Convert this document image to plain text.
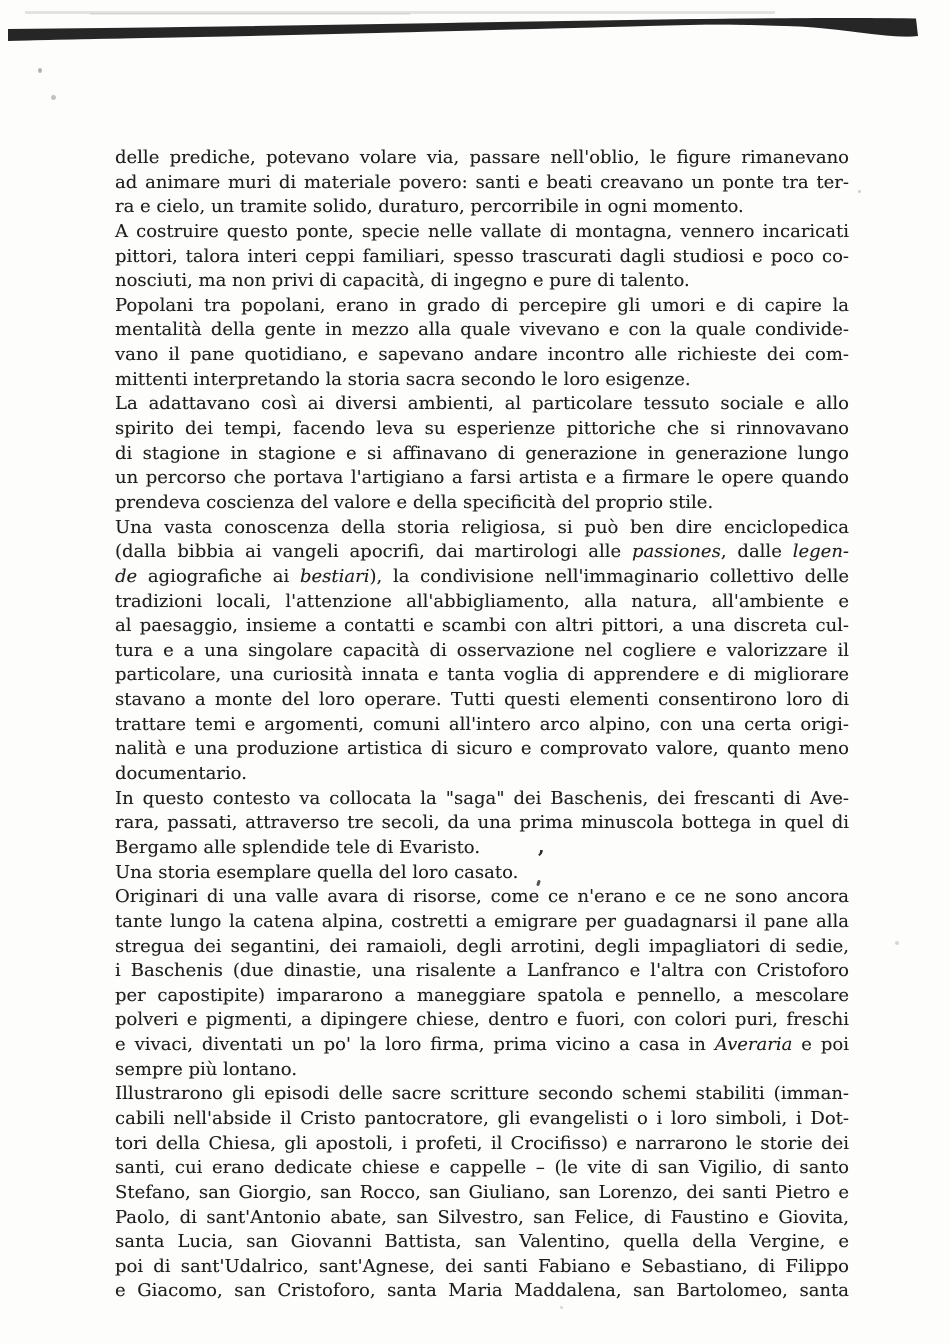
delle prediche, potevano volare via, passare nell'oblio, le figure rimanevano
ad animare muri di materiale povero: santi e beati creavano un ponte tra ter-
ra e cielo, un tramite solido, duraturo, percorribile in ogni momento.
A costruire questo ponte, specie nelle vallate di montagna, vennero incaricati
pittori, talora interi ceppi familiari, spesso trascurati dagli studiosi e poco co-
nosciuti, ma non privi di capacità, di ingegno e pure di talento.
Popolani tra popolani, erano in grado di percepire gli umori e di capire la
mentalità della gente in mezzo alla quale vivevano e con la quale condivide-
vano il pane quotidiano, e sapevano andare incontro alle richieste dei com-
mittenti interpretando la storia sacra secondo le loro esigenze.
La adattavano così ai diversi ambienti, al particolare tessuto sociale e allo
spirito dei tempi, facendo leva su esperienze pittoriche che si rinnovavano
di stagione in stagione e si affinavano di generazione in generazione lungo
un percorso che portava l'artigiano a farsi artista e a firmare le opere quando
prendeva coscienza del valore e della specificità del proprio stile.
Una vasta conoscenza della storia religiosa, si può ben dire enciclopedica
(dalla bibbia ai vangeli apocrifi, dai martirologi alle passiones, dalle legen-
de agiografiche ai bestiari), la condivisione nell'immaginario collettivo delle
tradizioni locali, l'attenzione all'abbigliamento, alla natura, all'ambiente e
al paesaggio, insieme a contatti e scambi con altri pittori, a una discreta cul-
tura e a una singolare capacità di osservazione nel cogliere e valorizzare il
particolare, una curiosità innata e tanta voglia di apprendere e di migliorare
stavano a monte del loro operare. Tutti questi elementi consentirono loro di
trattare temi e argomenti, comuni all'intero arco alpino, con una certa origi-
nalità e una produzione artistica di sicuro e comprovato valore, quanto meno
documentario.
In questo contesto va collocata la "saga" dei Baschenis, dei frescanti di Ave-
rara, passati, attraverso tre secoli, da una prima minuscola bottega in quel di
Bergamo alle splendide tele di Evaristo.
Una storia esemplare quella del loro casato.
Originari di una valle avara di risorse, come ce n'erano e ce ne sono ancora
tante lungo la catena alpina, costretti a emigrare per guadagnarsi il pane alla
stregua dei segantini, dei ramaioli, degli arrotini, degli impagliatori di sedie,
i Baschenis (due dinastie, una risalente a Lanfranco e l'altra con Cristoforo
per capostipite) impararono a maneggiare spatola e pennello, a mescolare
polveri e pigmenti, a dipingere chiese, dentro e fuori, con colori puri, freschi
e vivaci, diventati un po' la loro firma, prima vicino a casa in Averaria e poi
sempre più lontano.
Illustrarono gli episodi delle sacre scritture secondo schemi stabiliti (imman-
cabili nell'abside il Cristo pantocratore, gli evangelisti o i loro simboli, i Dot-
tori della Chiesa, gli apostoli, i profeti, il Crocifisso) e narrarono le storie dei
santi, cui erano dedicate chiese e cappelle – (le vite di san Vigilio, di santo
Stefano, san Giorgio, san Rocco, san Giuliano, san Lorenzo, dei santi Pietro e
Paolo, di sant'Antonio abate, san Silvestro, san Felice, di Faustino e Giovita,
santa Lucia, san Giovanni Battista, san Valentino, quella della Vergine, e
poi di sant'Udalrico, sant'Agnese, dei santi Fabiano e Sebastiano, di Filippo
e Giacomo, san Cristoforo, santa Maria Maddalena, san Bartolomeo, santa
,
